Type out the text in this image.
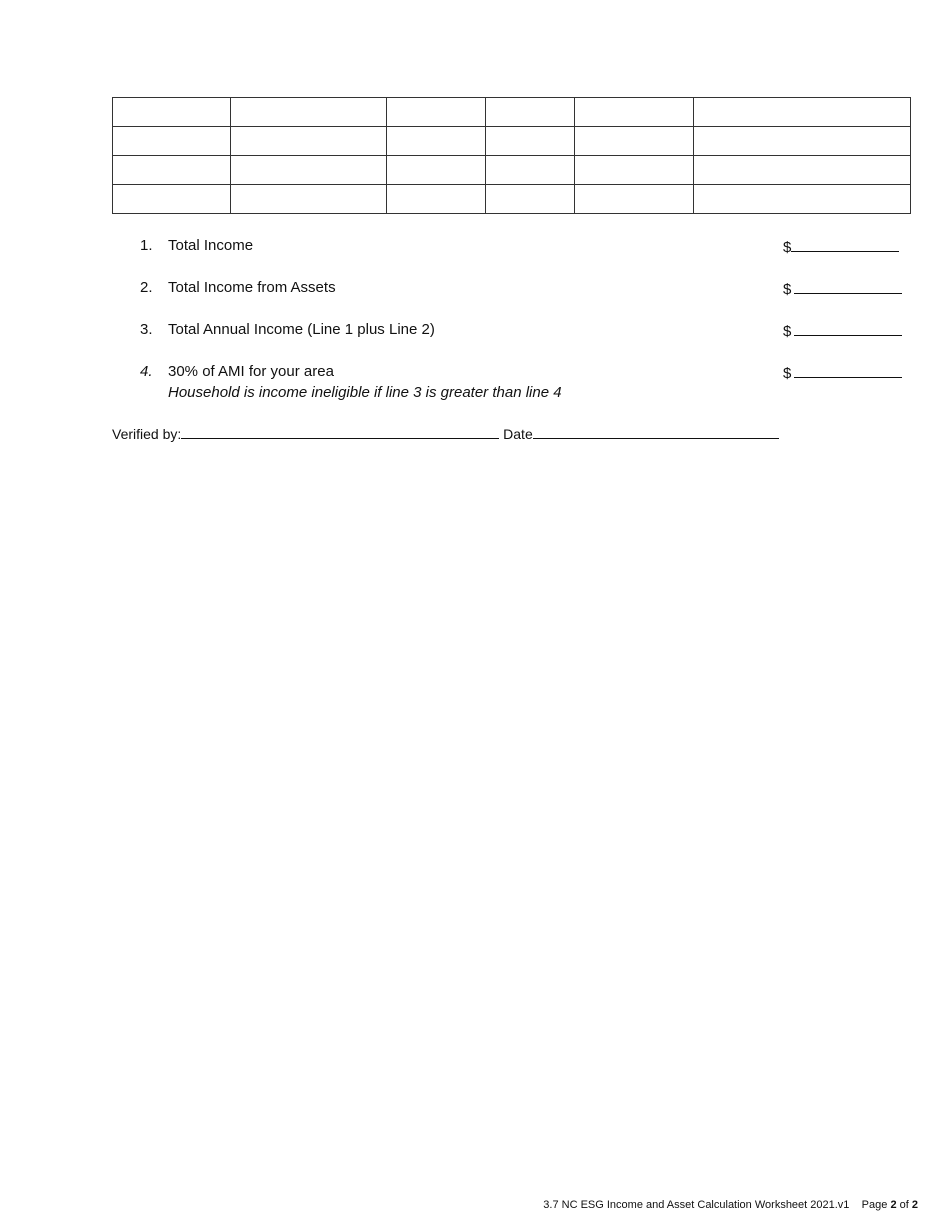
1. Total Income	$
2. Total Income from Assets	$
3. Total Annual Income (Line 1 plus Line 2)	$
4. 30% of AMI for your area
Household is income ineligible if line 3 is greater than line 4
$
Verified by:	Date
3.7 NC ESG Income and Asset Calculation Worksheet 2021.v1 Page 2 of 2
